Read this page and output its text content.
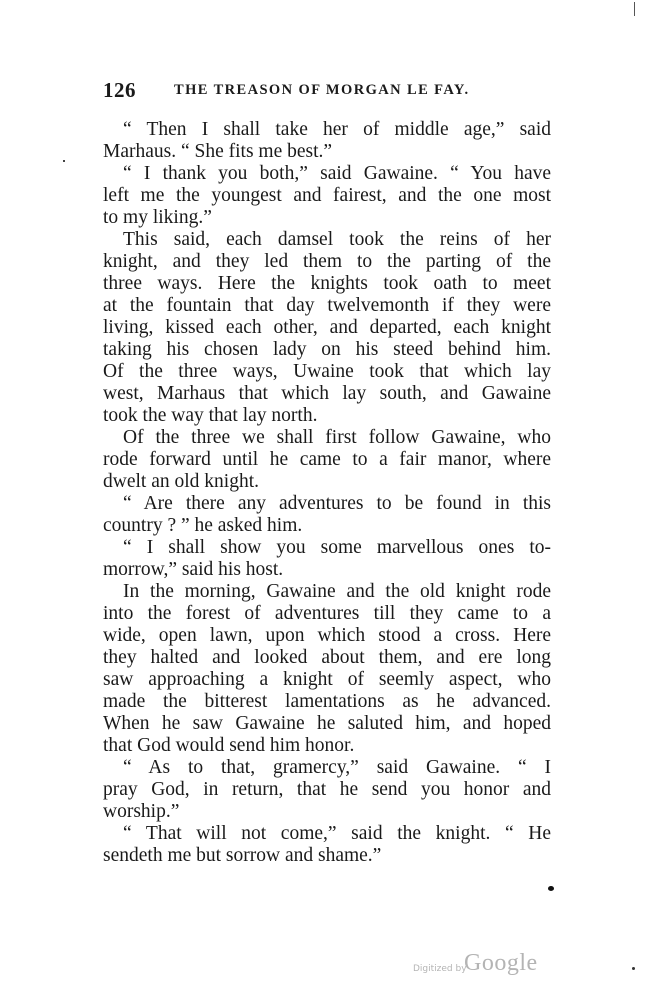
126	THE TREASON OF MORGAN LE FAY.
“ Then I shall take her of middle age,” said
Marhaus. “ She fits me best.”
“ I thank you both,” said Gawaine. “ You have
left me the youngest and fairest, and the one most
to my liking.”
This said, each damsel took the reins of her
knight, and they led them to the parting of the
three ways. Here the knights took oath to meet
at the fountain that day twelvemonth if they were
living, kissed each other, and departed, each knight
taking his chosen lady on his steed behind him.
Of the three ways, Uwaine took that which lay
west, Marhaus that which lay south, and Gawaine
took the way that lay north.
Of the three we shall first follow Gawaine, who
rode forward until he came to a fair manor, where
dwelt an old knight.
“ Are there any adventures to be found in this
country ? ” he asked him.
“ I shall show you some marvellous ones to-
morrow,” said his host.
In the morning, Gawaine and the old knight rode
into the forest of adventures till they came to a
wide, open lawn, upon which stood a cross. Here
they halted and looked about them, and ere long
saw approaching a knight of seemly aspect, who
made the bitterest lamentations as he advanced.
When he saw Gawaine he saluted him, and hoped
that God would send him honor.
“ As to that, gramercy,” said Gawaine. “ I
pray God, in return, that he send you honor and
worship.”
“ That will not come,” said the knight. “ He
sendeth me but sorrow and shame.”
Digitized by
Google
